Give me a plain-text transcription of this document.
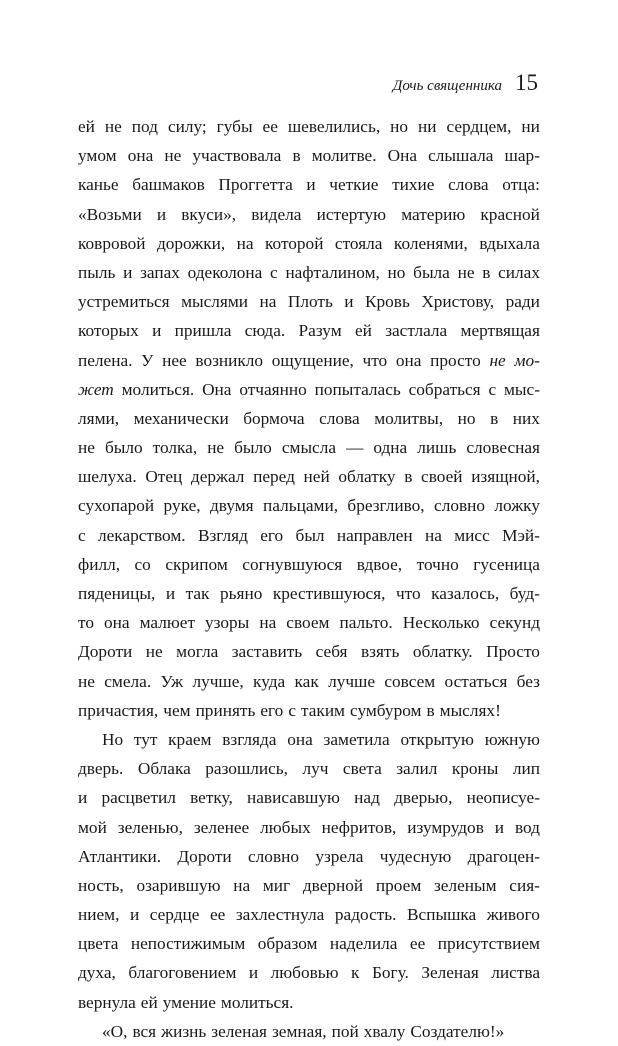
Дочь священника 15
ей не под силу; губы ее шевелились, но ни сердцем, ни
умом она не участвовала в молитве. Она слышала шар-
канье башмаков Проггетта и четкие тихие слова отца:
«Возьми и вкуси», видела истертую материю красной
ковровой дорожки, на которой стояла коленями, вдыхала
пыль и запах одеколона с нафталином, но была не в силах
устремиться мыслями на Плоть и Кровь Христову, ради
которых и пришла сюда. Разум ей застлала мертвящая
пелена. У нее возникло ощущение, что она просто не мо-
жет молиться. Она отчаянно попыталась собраться с мыс-
лями, механически бормоча слова молитвы, но в них
не было толка, не было смысла — одна лишь словесная
шелуха. Отец держал перед ней облатку в своей изящной,
сухопарой руке, двумя пальцами, брезгливо, словно ложку
с лекарством. Взгляд его был направлен на мисс Мэй-
филл, со скрипом согнувшуюся вдвое, точно гусеница
пяденицы, и так рьяно крестившуюся, что казалось, буд-
то она малюет узоры на своем пальто. Несколько секунд
Дороти не могла заставить себя взять облатку. Просто
не смела. Уж лучше, куда как лучше совсем остаться без
причастия, чем принять его с таким сумбуром в мыслях!
Но тут краем взгляда она заметила открытую южную
дверь. Облака разошлись, луч света залил кроны лип
и расцветил ветку, нависавшую над дверью, неописуе-
мой зеленью, зеленее любых нефритов, изумрудов и вод
Атлантики. Дороти словно узрела чудесную драгоцен-
ность, озарившую на миг дверной проем зеленым сия-
нием, и сердце ее захлестнула радость. Вспышка живого
цвета непостижимым образом наделила ее присутствием
духа, благоговением и любовью к Богу. Зеленая листва
вернула ей умение молиться.
«О, вся жизнь зеленая земная, пой хвалу Создателю!»
